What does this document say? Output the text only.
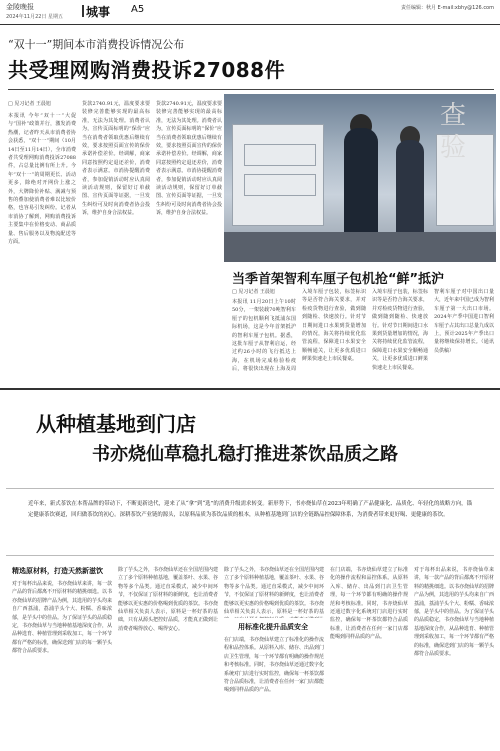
金陵晚报
2024年11月22日 星期五 城事 A5	责任编辑：秋月 E-mail:xbhy@126.com
“双十一”期间本市消费投诉情况公布
共受理网购消费投诉27088件
□ 见习记者 王晨旭
本报讯 今年“双十一”大促与“国补”政策并行，激发消费热潮，记者昨天从市消费者协会获悉，“双十一”期间（10月14日至11月14日），全市消费者共受理网购消费投诉27088件，占总量比例有所上升。今年“双十一”的周期更长、活动更多，除绝对开网价上涨之外，大牌降价补贴、满减与预售的叠加使消费者难以比较价格，也容易引发纠纷。记者从市消协了解到，网购消费投诉主要集中在价格变动、商品质量、售后服务以及物流配送等方面。
货款2740.91元，温度要求要装修完善能够实现的最高标准，无法为其处理。消费者认为，宣传页面标明的“保价”应当在消费者领取优惠后继续有效，要求按照页面宣传的保价承诺补偿差价。经调解，商家同意按照约定退还差价，消费者表示满意。市消协提醒消费者，参加促销活动时应认真阅读活动规则，保留好订单截图、宣传页面等证据，一旦发生纠纷可及时向消费者协会投诉，维护自身合法权益。
货款2740.91元，温度要求要装修完善能够实现的最高标准，无法为其处理。消费者认为，宣传页面标明的“保价”应当在消费者领取优惠后继续有效，要求按照页面宣传的保价承诺补偿差价。经调解，商家同意按照约定退还差价，消费者表示满意。市消协提醒消费者，参加促销活动时应认真阅读活动规则，保留好订单截图、宣传页面等证据，一旦发生纠纷可及时向消费者协会投诉，维护自身合法权益。
查验
当季首架智利车厘子包机抢“鲜”抵沪
□ 见习记者 王晨旭
本报讯 11月20日上午10时50分，一架装载70吨智利车厘子的包机顺利飞抵浦东国际机场，这是今年首架抵沪的智利车厘子包机。据悉，这批车厘子从智利启运，经过约26小时的飞行抵达上海，在机场完成检验检疫后，将很快出现在上海及周
入境车厘子包装，标签标识等是否符合海关要求，并对检疫货物进行查验，做到随到随检、快速放行。针对节日期间进口水果到货量增加的情况，海关将持续优化监管流程，保障进口水果安全顺畅通关，让更多优质进口鲜果快速走上市民餐桌。
入境车厘子包装，标签标识等是否符合海关要求，并对检疫货物进行查验，做到随到随检、快速放行。针对节日期间进口水果到货量增加的情况，海关将持续优化监管流程，保障进口水果安全顺畅通关，让更多优质进口鲜果快速走上市民餐桌。
智利车厘子对中国出口量大，近年来中国已成为智利车厘子第一大出口市场。2024年产季中国进口智利车厘子占其出口总量九成以上，预计2025年产季出口量将继续保持增长。（通讯员供稿）
从种植基地到门店
书亦烧仙草稳扎稳打推进茶饮品质之路
近年来，新式茶饮在本帮品牌的带动下，不断更新迭代，迎来了从“拿”到“选”的消费升级需求转变。新形势下，书亦烧仙草在2023年明确了产品健康化、品质化、年轻化的战略方向，锚定健康茶饮赛道，回归做茶饮的初心。深耕茶饮产业链的源头，以原料品质为茶饮品质的根本，从种植基地到门店的全链路品控保障体系，为消费者带来更好喝、更健康的茶饮。
精选原材料，打造天然新滋饮
对于每杯出品来说，书亦烧仙草来讲，每一款产品的背后都离不开原材料的精挑细选。以书亦烧仙草的招牌产品为例，其选用的芋头均来自广西荔浦，荔浦芋头个大、粉糯、香味浓郁，是芋头中的佳品。为了保证芋头的品质稳定，书亦烧仙草与当地种植基地深度合作，从品种选育、种植管理到采收加工，每一个环节都有严格的标准，确保送到门店的每一颗芋头都符合品质要求。
除了芋头之外，书亦烧仙草还在全国范围内建立了多个原料种植基地，覆盖茶叶、水果、谷物等多个品类。通过直采模式，减少中间环节，不仅保证了原材料的新鲜度，也让消费者能够以更实惠的价格喝到优质的茶饮。书亦烧仙草相关负责人表示，原料是一杯好茶的基础，只有从源头把控好品质，才能真正做到让消费者喝得放心、喝得安心。
除了芋头之外，书亦烧仙草还在全国范围内建立了多个原料种植基地，覆盖茶叶、水果、谷物等多个品类。通过直采模式，减少中间环节，不仅保证了原材料的新鲜度，也让消费者能够以更实惠的价格喝到优质的茶饮。书亦烧仙草相关负责人表示，原料是一杯好茶的基
用标准化提升品质安全
在门店端，书亦烧仙草建立了标准化的操作流程和品控体系。从原料入库、储存、出品到门店卫生管理，每一个环节都有明确的操作规范和考核标准。同时，书亦烧仙草还通过数字化系统对门店进行实时监控，确保每一杯茶饮都符合品质标准，让消费者在任何一家门店都能喝到同样品质的产品。
在门店端，书亦烧仙草建立了标准化的操作流程和品控体系。从原料入库、储存、出品到门店卫生管理，每一个环节都有明确的操作规范和考核标准。同时，书亦烧仙草还通过数字化系统对门店进行实时监控，确保每一杯茶饮都符合品质标准，让消费者在任何一家门店都能喝到同样品质的产品。
对于每杯出品来说，书亦烧仙草来讲，每一款产品的背后都离不开原材料的精挑细选。以书亦烧仙草的招牌产品为例，其选用的芋头均来自广西荔浦，荔浦芋头个大、粉糯、香味浓郁，是芋头中的佳品。为了保证芋头的品质稳定，书亦烧仙草与当地种植基地深度合作，从品种选育、种植管理到采收加工，每一个环节都有严格的标准，确保送到门店的每一颗芋头都符合品质要求。
